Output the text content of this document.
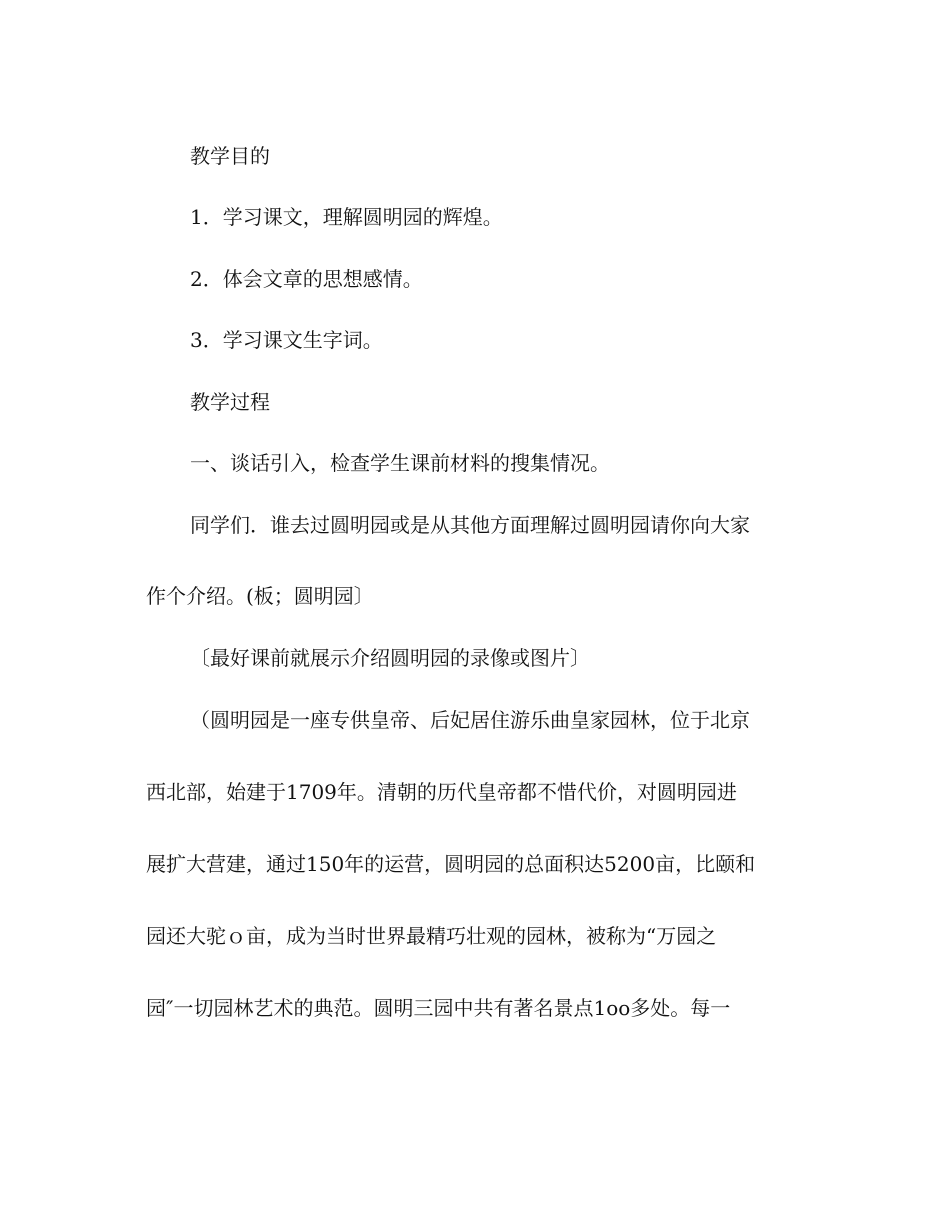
教学目的
1．学习课文，理解圆明园的辉煌。
2．体会文章的思想感情。
3．学习课文生字词。
教学过程
一、谈话引入，检查学生课前材料的搜集情况。
同学们．谁去过圆明园或是从其他方面理解过圆明园请你向大家
作个介绍。(板；圆明园〕
〔最好课前就展示介绍圆明园的录像或图片〕
（圆明园是一座专供皇帝、后妃居住游乐曲皇家园林，位于北京
西北部，始建于1709年。清朝的历代皇帝都不惜代价，对圆明园进
展扩大营建，通过150年的运营，圆明园的总面积达5200亩，比颐和
园还大驼ｏ亩，成为当时世界最精巧壮观的园林，被称为“万园之
园″一切园林艺术的典范。圆明三园中共有著名景点1oo多处。每一
